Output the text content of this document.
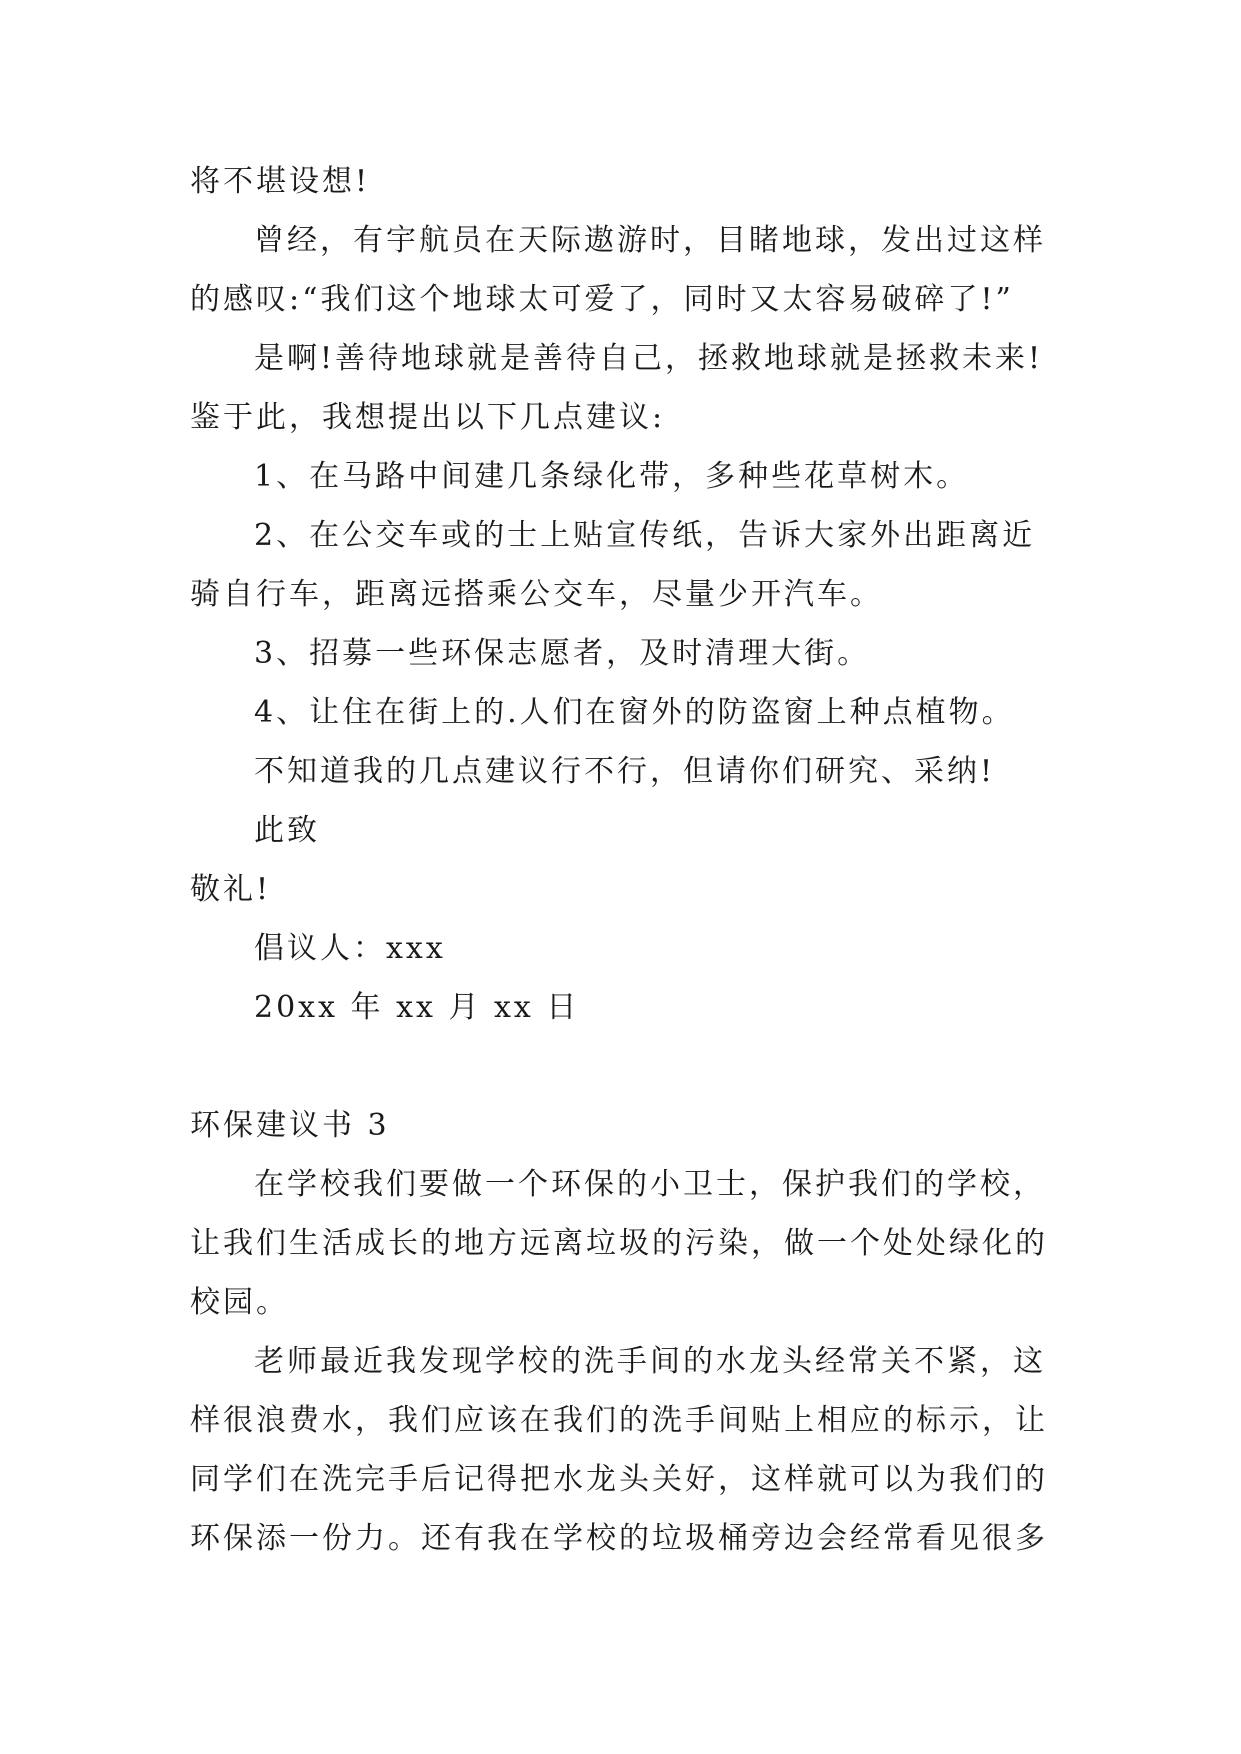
将不堪设想!
曾经，有宇航员在天际遨游时，目睹地球，发出过这样
的感叹:“我们这个地球太可爱了，同时又太容易破碎了!”
是啊!善待地球就是善待自己，拯救地球就是拯救未来!
鉴于此，我想提出以下几点建议:
1、在马路中间建几条绿化带，多种些花草树木。
2、在公交车或的士上贴宣传纸，告诉大家外出距离近
骑自行车，距离远搭乘公交车，尽量少开汽车。
3、招募一些环保志愿者，及时清理大街。
4、让住在街上的.人们在窗外的防盗窗上种点植物。
不知道我的几点建议行不行，但请你们研究、采纳!
此致
敬礼!
倡议人：xxx
20xx 年 xx 月 xx 日
环保建议书 3
在学校我们要做一个环保的小卫士，保护我们的学校，
让我们生活成长的地方远离垃圾的污染，做一个处处绿化的
校园。
老师最近我发现学校的洗手间的水龙头经常关不紧，这
样很浪费水，我们应该在我们的洗手间贴上相应的标示，让
同学们在洗完手后记得把水龙头关好，这样就可以为我们的
环保添一份力。还有我在学校的垃圾桶旁边会经常看见很多
